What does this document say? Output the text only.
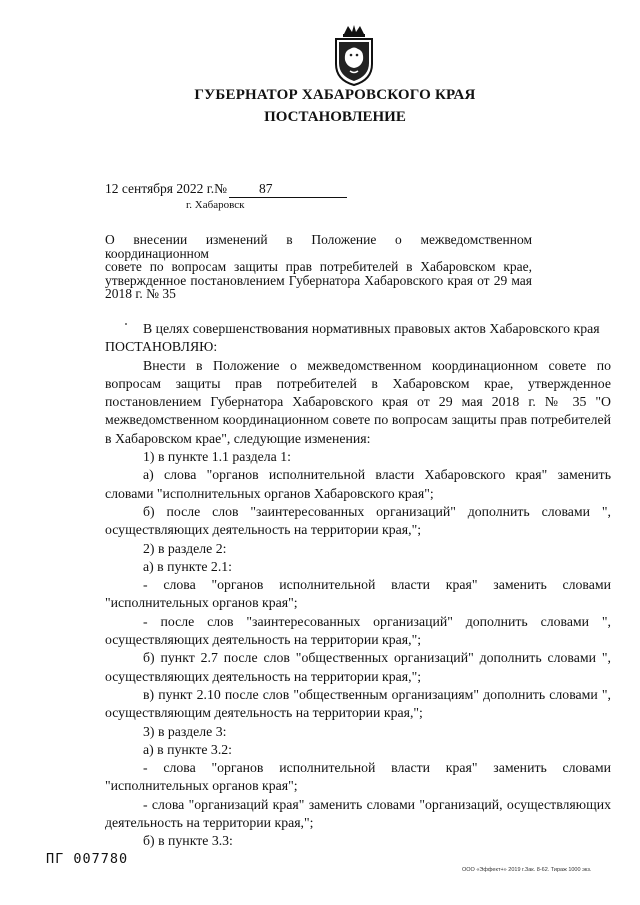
ГУБЕРНАТОР ХАБАРОВСКОГО КРАЯ
ПОСТАНОВЛЕНИЕ
12 сентября 2022 г.№ 87
г. Хабаровск
О внесении изменений в Положение о межведомственном координационном
совете по вопросам защиты прав потребителей в Хабаровском крае,
утвержденное постановлением Губернатора Хабаровского края от 29 мая
2018 г. № 35
В целях совершенствования нормативных правовых актов Хабаровского края
ПОСТАНОВЛЯЮ:
Внести в Положение о межведомственном координационном совете по вопросам защиты прав потребителей в Хабаровском крае, утвержденное постановлением Губернатора Хабаровского края от 29 мая 2018 г. № 35 "О межведомственном координационном совете по вопросам защиты прав потребителей в Хабаровском крае", следующие изменения:
1) в пункте 1.1 раздела 1:
а) слова "органов исполнительной власти Хабаровского края" заменить словами "исполнительных органов Хабаровского края";
б) после слов "заинтересованных организаций" дополнить словами ", осуществляющих деятельность на территории края,";
2) в разделе 2:
а) в пункте 2.1:
- слова "органов исполнительной власти края" заменить словами "исполнительных органов края";
- после слов "заинтересованных организаций" дополнить словами ", осуществляющих деятельность на территории края,";
б) пункт 2.7 после слов "общественных организаций" дополнить словами ", осуществляющих деятельность на территории края,";
в) пункт 2.10 после слов "общественным организациям" дополнить словами ", осуществляющим деятельность на территории края,";
3) в разделе 3:
а) в пункте 3.2:
- слова "органов исполнительной власти края" заменить словами "исполнительных органов края";
- слова "организаций края" заменить словами "организаций, осуществляющих деятельность на территории края,";
б) в пункте 3.3:
ПГ 007780
ООО «Эффект+» 2019 г.Зак. 8-62. Тираж 1000 экз.
